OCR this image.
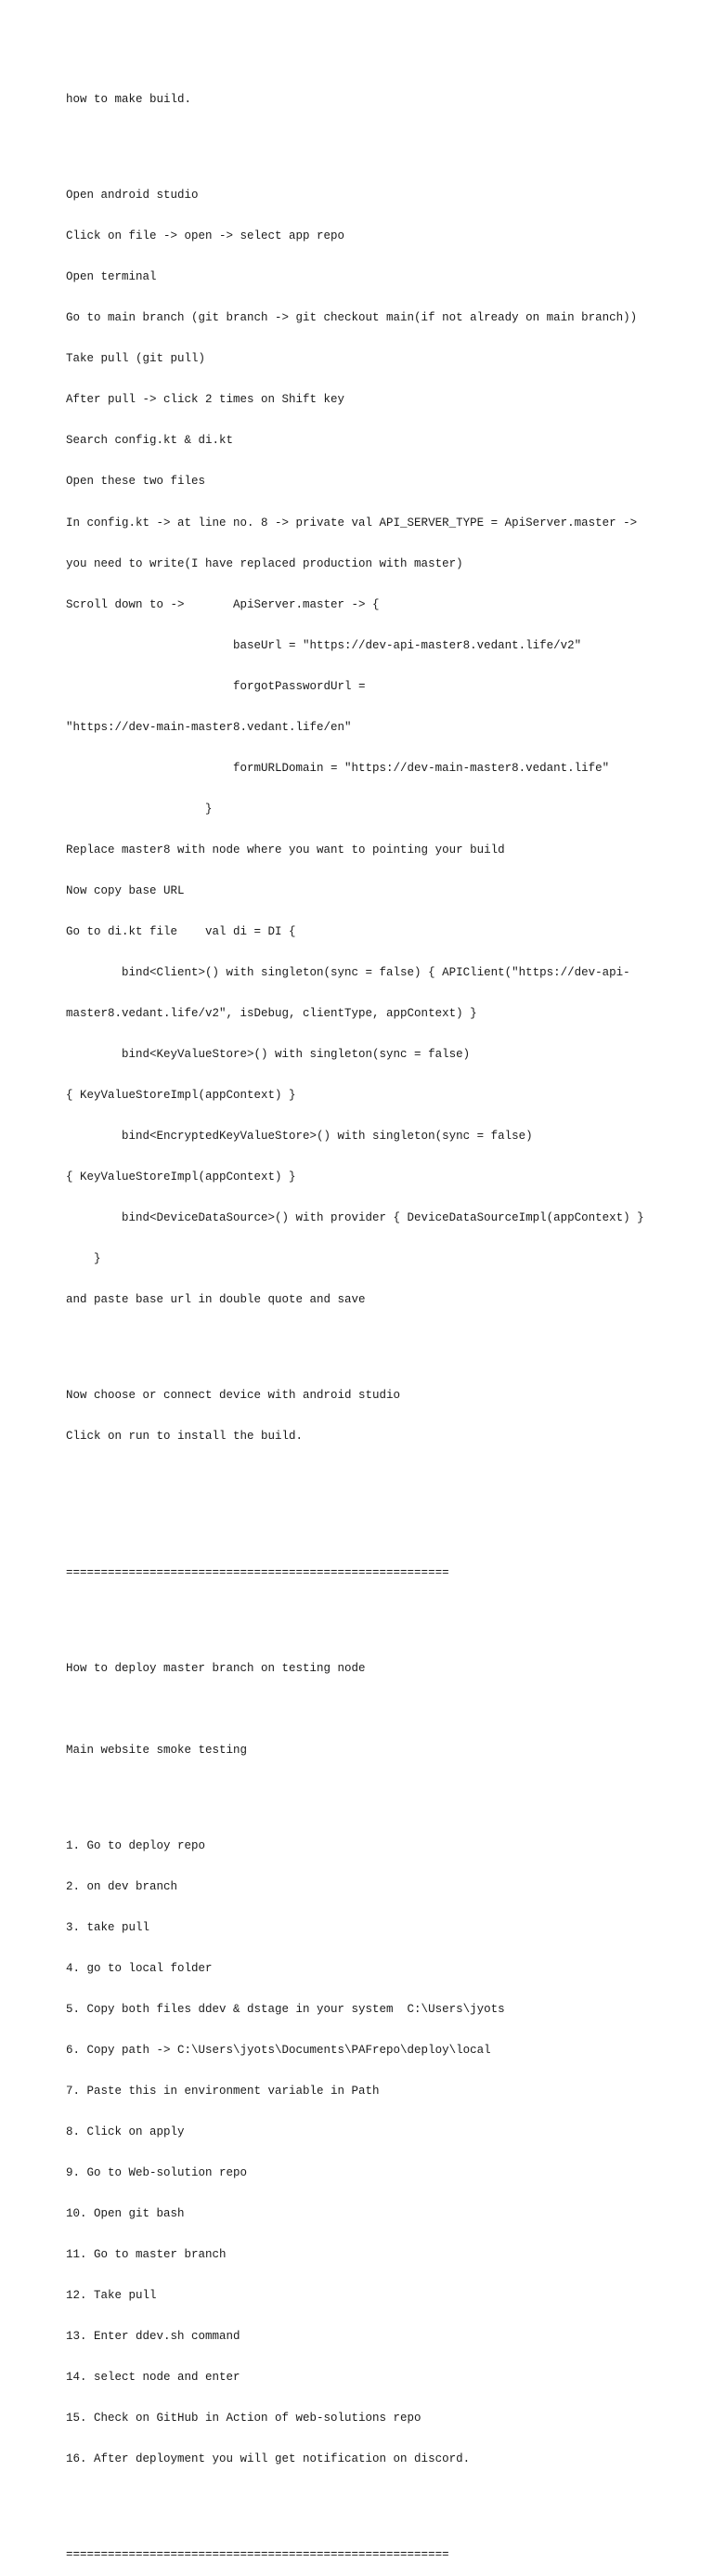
how to make build.

Open android studio

Click on file -> open -> select app repo

Open terminal

Go to main branch (git branch -> git checkout main(if not already on main branch))

Take pull (git pull)

After pull -> click 2 times on Shift key

Search config.kt & di.kt

Open these two files

In config.kt -> at line no. 8 -> private val API_SERVER_TYPE = ApiServer.master ->

you need to write(I have replaced production with master)

Scroll down to ->       ApiServer.master -> {

baseUrl = "https://dev-api-master8.vedant.life/v2"

forgotPasswordUrl =

"https://dev-main-master8.vedant.life/en"

formURLDomain = "https://dev-main-master8.vedant.life"

}

Replace master8 with node where you want to pointing your build

Now copy base URL

Go to di.kt file    val di = DI {

bind<Client>() with singleton(sync = false) { APIClient("https://dev-api-

master8.vedant.life/v2", isDebug, clientType, appContext) }

bind<KeyValueStore>() with singleton(sync = false)

{ KeyValueStoreImpl(appContext) }

bind<EncryptedKeyValueStore>() with singleton(sync = false)

{ KeyValueStoreImpl(appContext) }

bind<DeviceDataSource>() with provider { DeviceDataSourceImpl(appContext) }

}

and paste base url in double quote and save

Now choose or connect device with android studio

Click on run to install the build.

=======================================================

How to deploy master branch on testing node

Main website smoke testing

1. Go to deploy repo

2. on dev branch

3. take pull

4. go to local folder

5. Copy both files ddev & dstage in your system  C:\Users\jyots

6. Copy path -> C:\Users\jyots\Documents\PAFrepo\deploy\local

7. Paste this in environment variable in Path

8. Click on apply

9. Go to Web-solution repo

10. Open git bash

11. Go to master branch

12. Take pull

13. Enter ddev.sh command

14. select node and enter

15. Check on GitHub in Action of web-solutions repo

16. After deployment you will get notification on discord.

=======================================================
